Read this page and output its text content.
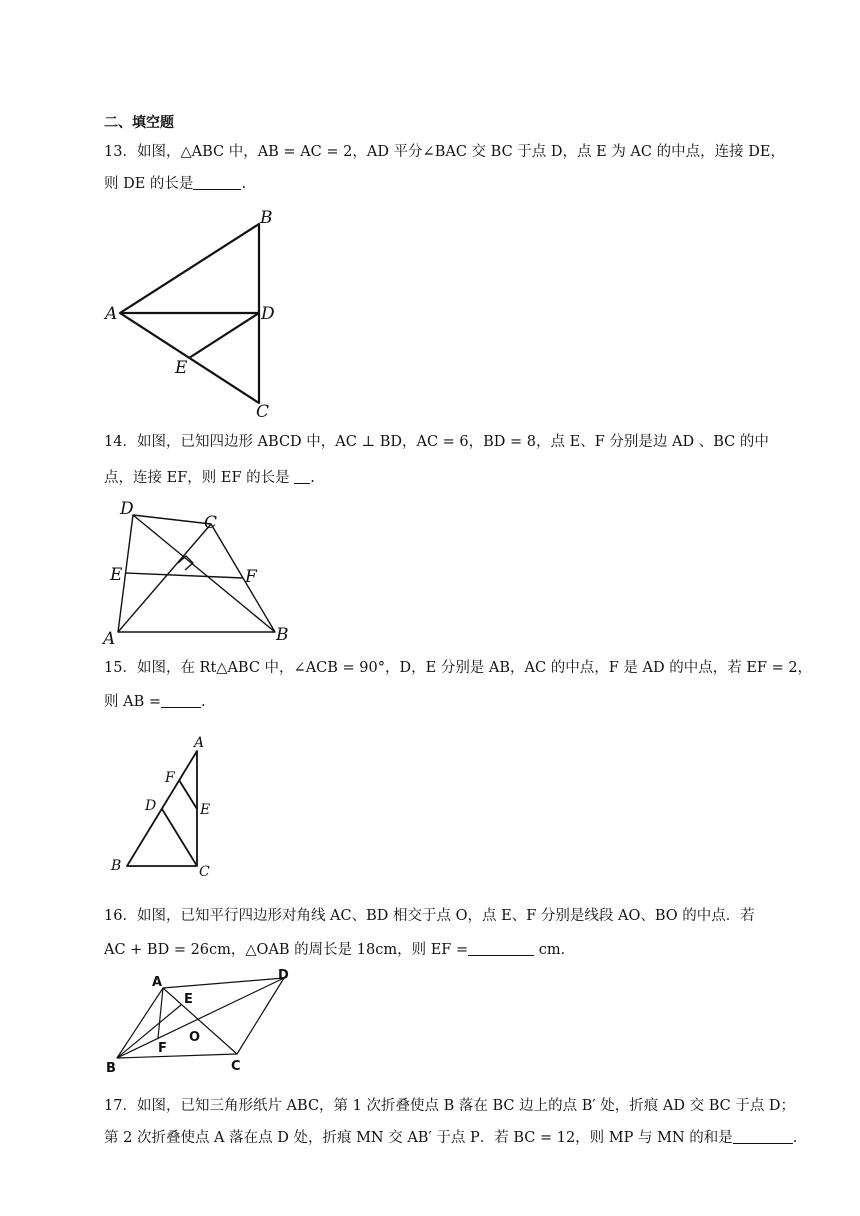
二、填空题
13．如图，△ABC 中，AB = AC = 2，AD 平分∠BAC 交 BC 于点 D，点 E 为 AC 的中点，连接 DE，
则 DE 的长是	.
A
B
C
D
E
14．如图，已知四边形 ABCD 中，AC ⊥ BD，AC = 6，BD = 8，点 E、F 分别是边 AD 、BC 的中
点，连接 EF，则 EF 的长是 .
A	B
C
D
E	F
15．如图，在 Rt△ABC 中，∠ACB = 90°，D，E 分别是 AB，AC 的中点，F 是 AD 的中点，若 EF = 2，
则 AB =	.
A
B	C
D	E
F
16．如图，已知平行四边形对角线 AC、BD 相交于点 O，点 E、F 分别是线段 AO、BO 的中点．若
AC + BD = 26cm，△OAB 的周长是 18cm，则 EF =	cm．
A
B	C
D
E
F
O
17．如图，已知三角形纸片 ABC，第 1 次折叠使点 B 落在 BC 边上的点 B′ 处，折痕 AD 交 BC 于点 D；
第 2 次折叠使点 A 落在点 D 处，折痕 MN 交 AB′ 于点 P．若 BC = 12，则 MP 与 MN 的和是	.
